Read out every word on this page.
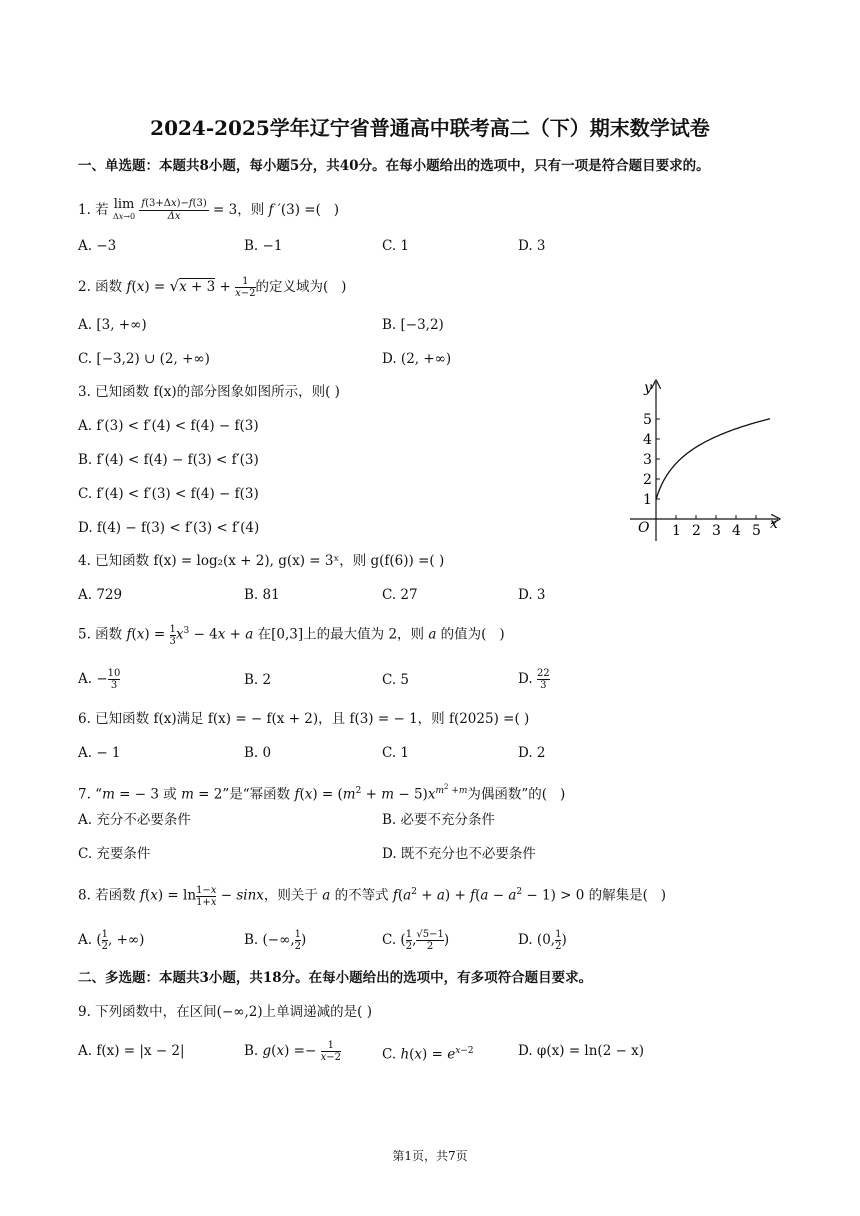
2024-2025学年辽宁省普通高中联考高二（下）期末数学试卷
一、单选题：本题共8小题，每小题5分，共40分。在每小题给出的选项中，只有一项是符合题目要求的。
1. 若 lim
$\Delta x\to 0 \frac{f(3+\Delta x)-f(3)}{\Delta x} = 3$，则 f ′(3) =(   )
A. −3	B. −1	C. 1	D. 3
2. 函数 $f(x) = √x + 3 + \frac{1}{x-2}$的定义域为(   )
A. [3, +∞)	B. [−3,2)
C. [−3,2) ∪ (2, +∞)	D. (2, +∞)
3. 已知函数 f(x)的部分图象如图所示，则( )
A. f′(3) < f′(4) < f(4) − f(3)
B. f′(4) < f(4) − f(3) < f′(3)
C. f′(4) < f′(3) < f(4) − f(3)
D. f(4) − f(3) < f′(3) < f′(4)
1
2
3
4
5
1 2 3 4 5
y
x
O
4. 已知函数 f(x) = log₂(x + 2), g(x) = 3ˣ，则 g(f(6)) =( )
A. 729	B. 81	C. 27	D. 3
5. 函数 $f(x) = \frac{1}{3}x^3 - 4x + a$ 在[0,3]上的最大值为 2，则 a 的值为(   )
A. − $\frac{10}{3}$	B. 2	C. 5	D. $\frac{22}{3}$
6. 已知函数 f(x)满足 f(x) = − f(x + 2)，且 f(3) = − 1，则 f(2025) =( )
A. − 1	B. 0	C. 1	D. 2
7. “m = − 3 或 m = 2”是“幂函数 $f(x) = (m^2 + m - 5)x^{m^2 +m}$为偶函数”的(   )
A. 充分不必要条件	B. 必要不充分条件
C. 充要条件	D. 既不充分也不必要条件
8. 若函数 $f(x) = \ln \frac{1-x}{1+x} - \sin x$，则关于 a 的不等式 $f(a^2 + a) + f(a - a^2 - 1) > 0$ 的解集是(   )
A. ( $\frac{1}{2}$, +∞)	B. (−∞, $\frac{1}{2}$)	C. ( $\frac{1}{2}$, $\frac{√5-1}{2}$)	D. (0, $\frac{1}{2}$)
二、多选题：本题共3小题，共18分。在每小题给出的选项中，有多项符合题目要求。
9. 下列函数中，在区间(−∞,2)上单调递减的是( )
A. f(x) = |x − 2|	B. $g(x) =- \frac{1}{x-2}$	C. $h(x) = e^{x-2}$	D. φ(x) = ln(2 − x)
第1页，共7页
